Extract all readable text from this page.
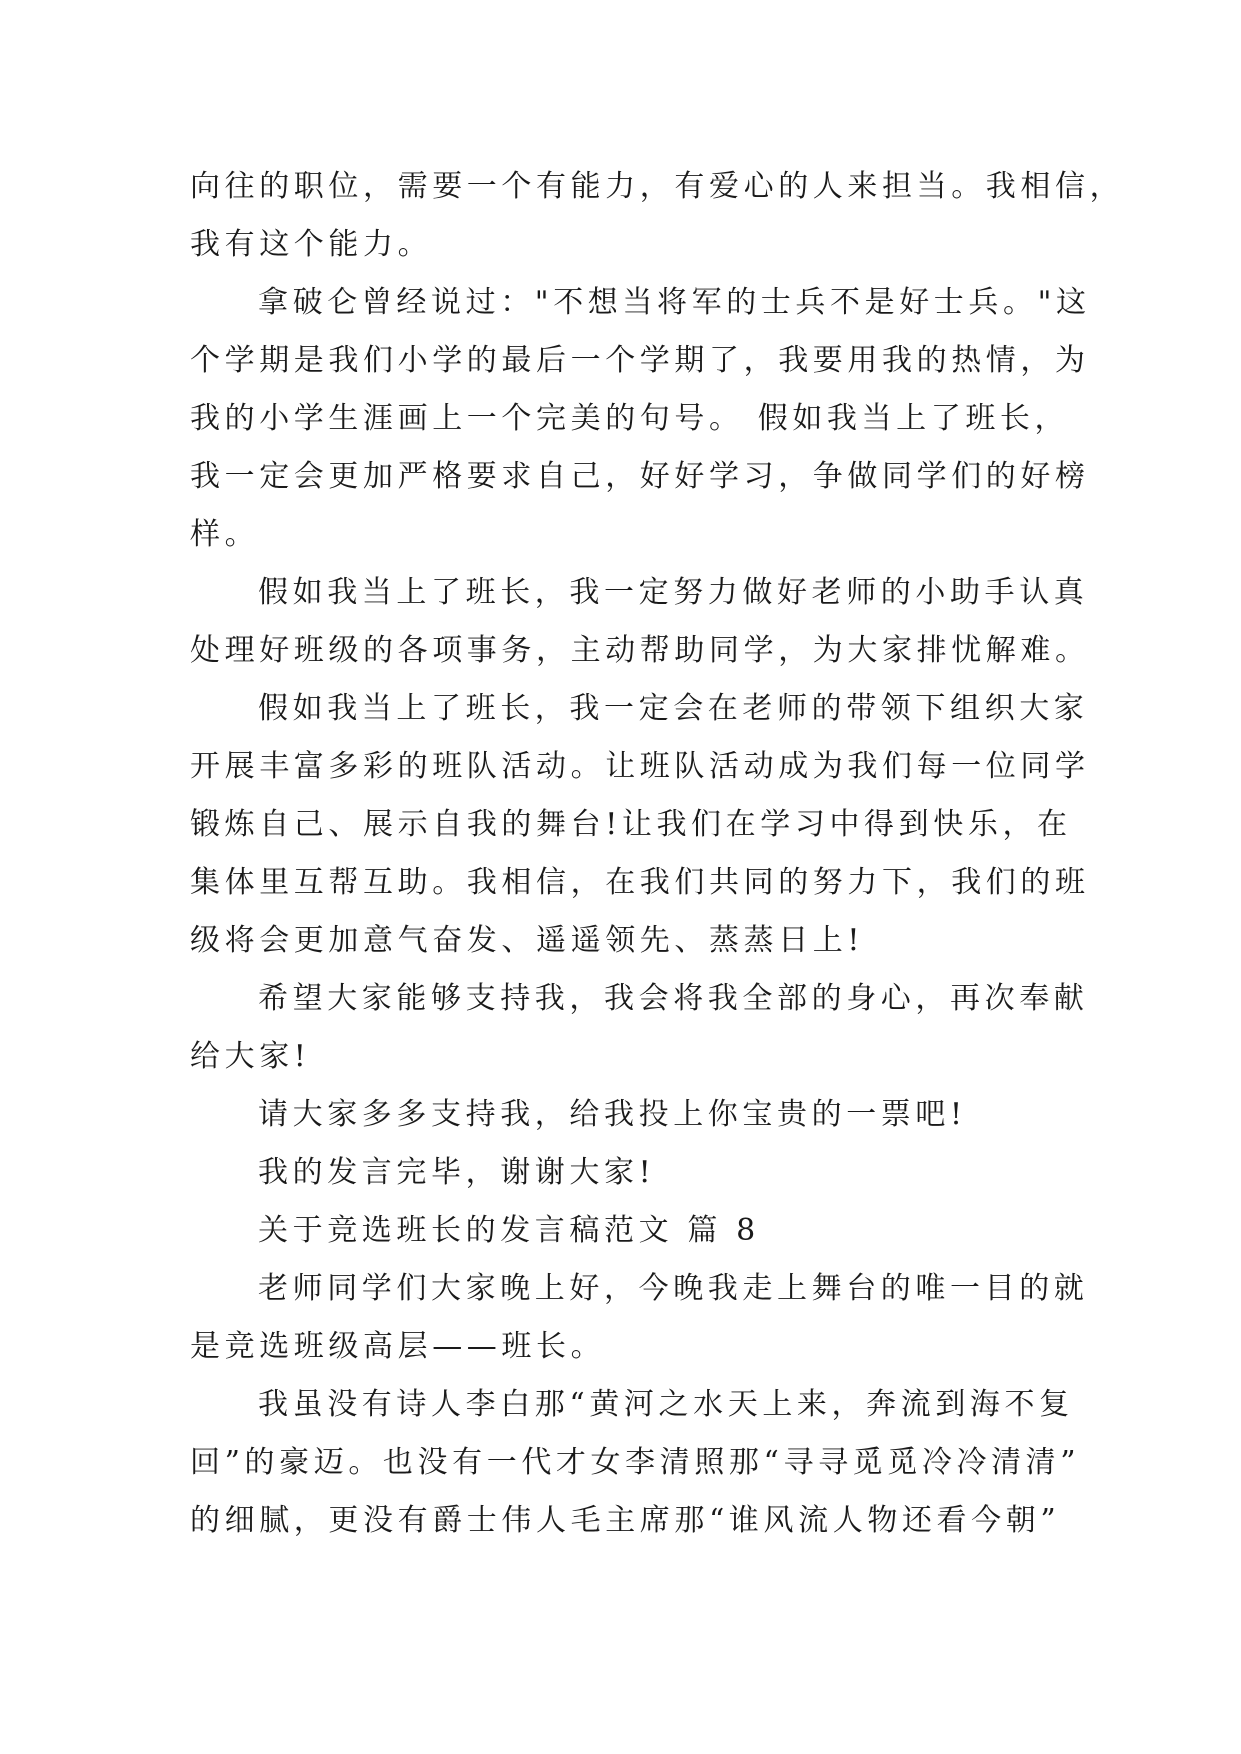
向往的职位，需要一个有能力，有爱心的人来担当。我相信，
我有这个能力。

拿破仑曾经说过："不想当将军的士兵不是好士兵。"这
个学期是我们小学的最后一个学期了，我要用我的热情，为
我的小学生涯画上一个完美的句号。 假如我当上了班长，
我一定会更加严格要求自己，好好学习，争做同学们的好榜
样。

假如我当上了班长，我一定努力做好老师的小助手认真
处理好班级的各项事务，主动帮助同学，为大家排忧解难。

假如我当上了班长，我一定会在老师的带领下组织大家
开展丰富多彩的班队活动。让班队活动成为我们每一位同学
锻炼自己、展示自我的舞台!让我们在学习中得到快乐，在
集体里互帮互助。我相信，在我们共同的努力下，我们的班
级将会更加意气奋发、遥遥领先、蒸蒸日上!

希望大家能够支持我，我会将我全部的身心，再次奉献
给大家!

请大家多多支持我，给我投上你宝贵的一票吧!

我的发言完毕，谢谢大家!

关于竞选班长的发言稿范文 篇 8

老师同学们大家晚上好，今晚我走上舞台的唯一目的就
是竞选班级高层——班长。

我虽没有诗人李白那“黄河之水天上来，奔流到海不复
回”的豪迈。也没有一代才女李清照那“寻寻觅觅冷冷清清”
的细腻，更没有爵士伟人毛主席那“谁风流人物还看今朝”
